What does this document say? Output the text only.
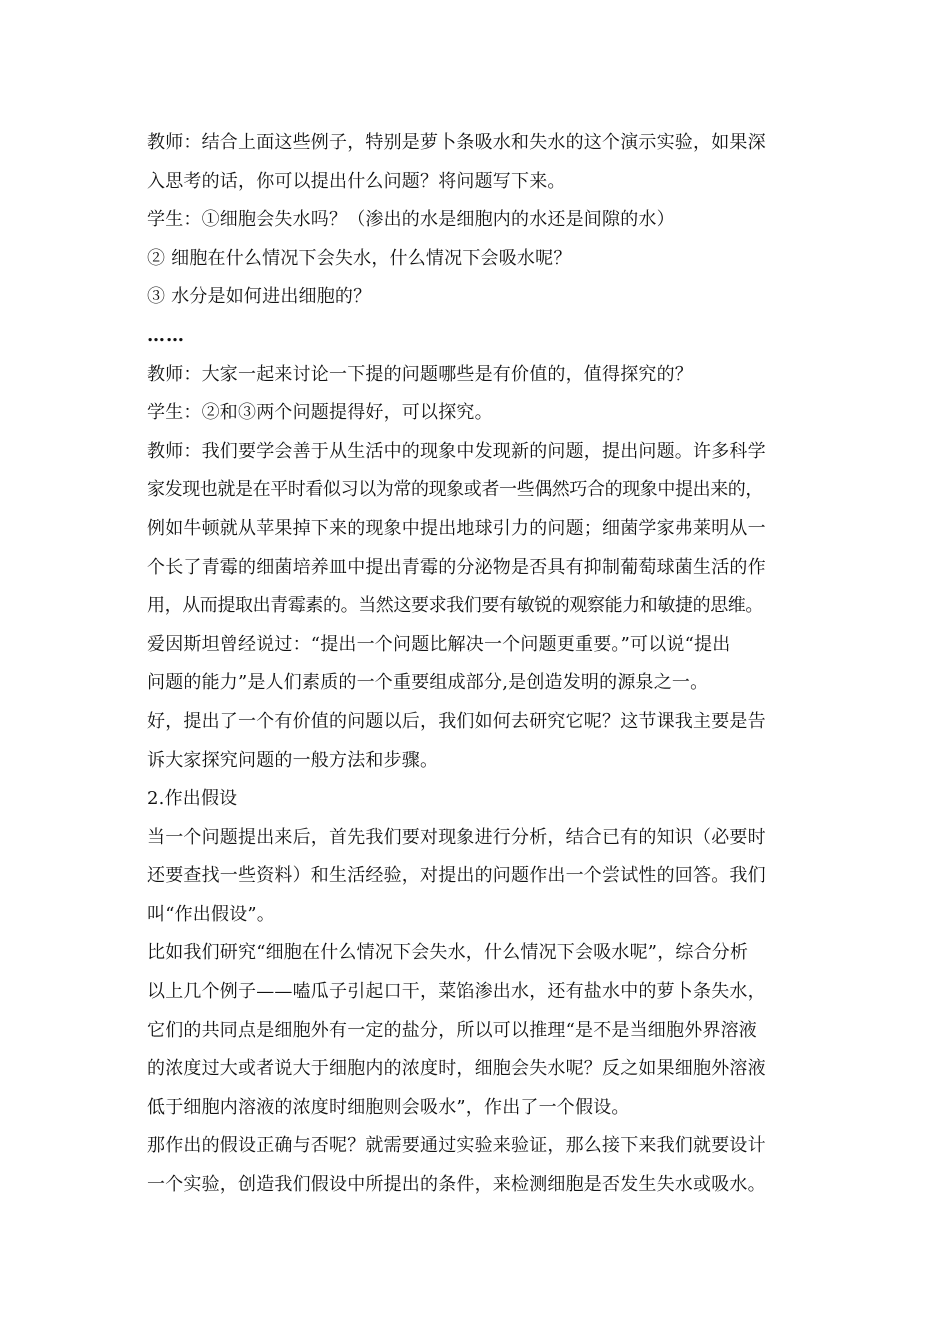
教师：结合上面这些例子，特别是萝卜条吸水和失水的这个演示实验，如果深
入思考的话，你可以提出什么问题？将问题写下来。
学生：①细胞会失水吗？（渗出的水是细胞内的水还是间隙的水）
② 细胞在什么情况下会失水，什么情况下会吸水呢？
③ 水分是如何进出细胞的？
……
教师：大家一起来讨论一下提的问题哪些是有价值的，值得探究的？
学生：②和③两个问题提得好，可以探究。
教师：我们要学会善于从生活中的现象中发现新的问题，提出问题。许多科学
家发现也就是在平时看似习以为常的现象或者一些偶然巧合的现象中提出来的，
例如牛顿就从苹果掉下来的现象中提出地球引力的问题；细菌学家弗莱明从一
个长了青霉的细菌培养皿中提出青霉的分泌物是否具有抑制葡萄球菌生活的作
用，从而提取出青霉素的。当然这要求我们要有敏锐的观察能力和敏捷的思维。
爱因斯坦曾经说过：“提出一个问题比解决一个问题更重要。”可以说“提出
问题的能力”是人们素质的一个重要组成部分,是创造发明的源泉之一。
好，提出了一个有价值的问题以后，我们如何去研究它呢？这节课我主要是告
诉大家探究问题的一般方法和步骤。
2.作出假设
当一个问题提出来后，首先我们要对现象进行分析，结合已有的知识（必要时
还要查找一些资料）和生活经验，对提出的问题作出一个尝试性的回答。我们
叫“作出假设”。
比如我们研究“细胞在什么情况下会失水，什么情况下会吸水呢”，综合分析
以上几个例子——嗑瓜子引起口干，菜馅渗出水，还有盐水中的萝卜条失水，
它们的共同点是细胞外有一定的盐分，所以可以推理“是不是当细胞外界溶液
的浓度过大或者说大于细胞内的浓度时，细胞会失水呢？反之如果细胞外溶液
低于细胞内溶液的浓度时细胞则会吸水”，作出了一个假设。
那作出的假设正确与否呢？就需要通过实验来验证，那么接下来我们就要设计
一个实验，创造我们假设中所提出的条件，来检测细胞是否发生失水或吸水。
